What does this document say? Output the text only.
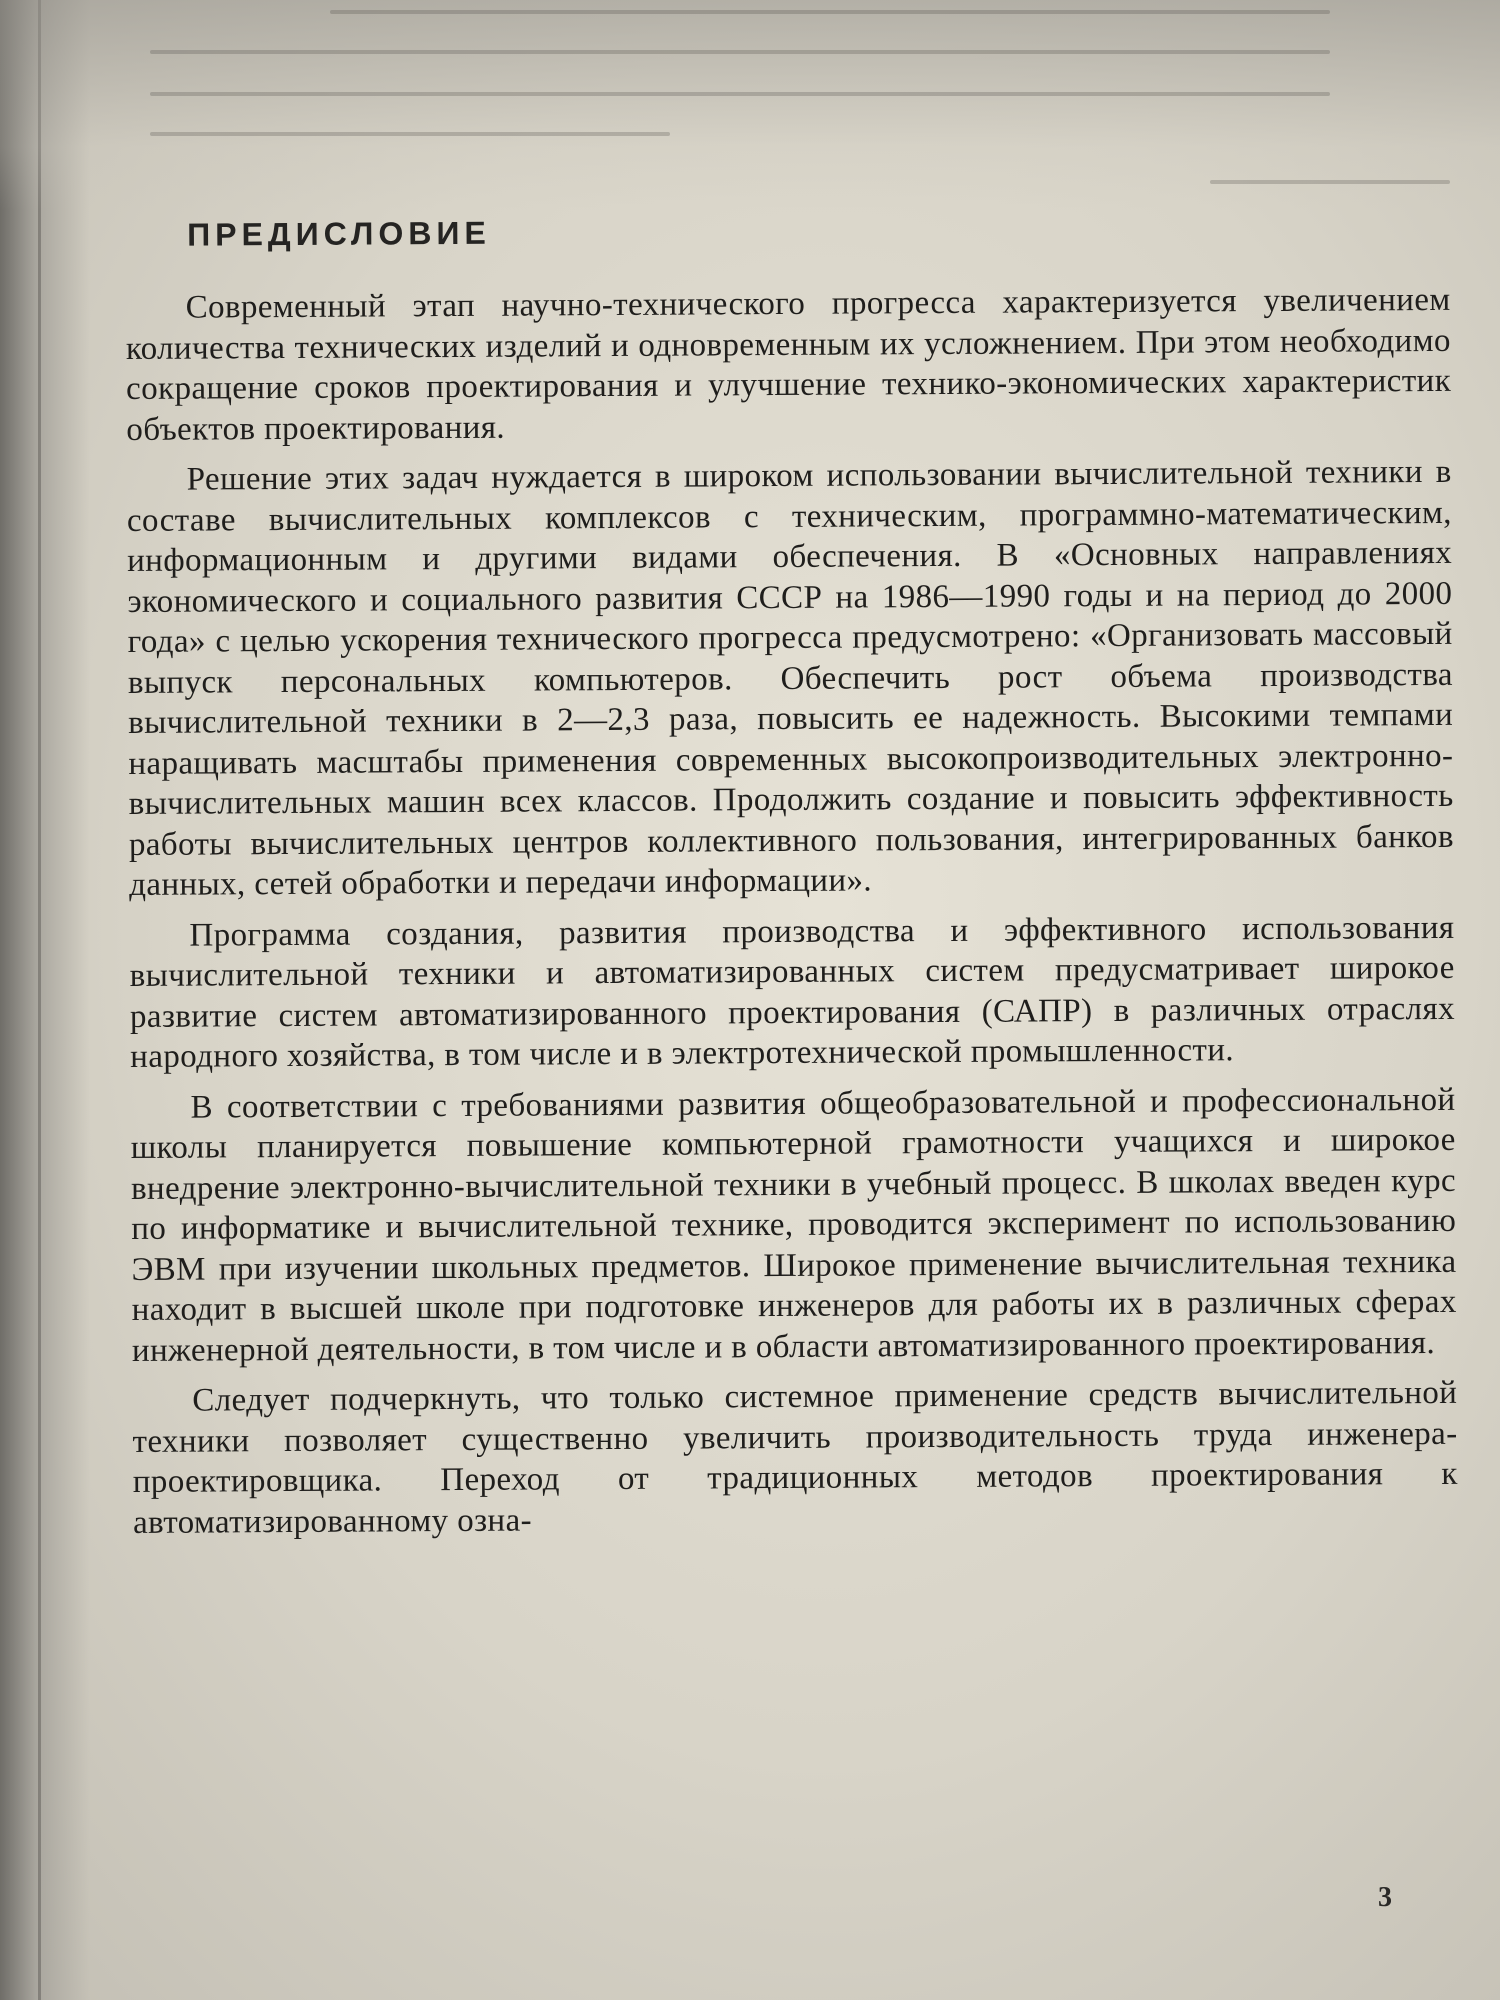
ПРЕДИСЛОВИЕ

Современный этап научно-технического прогресса характеризуется увеличением количества технических изделий и одновременным их усложнением. При этом необходимо сокращение сроков проектирования и улучшение технико-экономических характеристик объектов проектирования.

Решение этих задач нуждается в широком использовании вычислительной техники в составе вычислительных комплексов с техническим, программно-математическим, информационным и другими видами обеспечения. В «Основных направлениях экономического и социального развития СССР на 1986—1990 годы и на период до 2000 года» с целью ускорения технического прогресса предусмотрено: «Организовать массовый выпуск персональных компьютеров. Обеспечить рост объема производства вычислительной техники в 2—2,3 раза, повысить ее надежность. Высокими темпами наращивать масштабы применения современных высокопроизводительных электронно-вычислительных машин всех классов. Продолжить создание и повысить эффективность работы вычислительных центров коллективного пользования, интегрированных банков данных, сетей обработки и передачи информации».

Программа создания, развития производства и эффективного использования вычислительной техники и автоматизированных систем предусматривает широкое развитие систем автоматизированного проектирования (САПР) в различных отраслях народного хозяйства, в том числе и в электротехнической промышленности.

В соответствии с требованиями развития общеобразовательной и профессиональной школы планируется повышение компьютерной грамотности учащихся и широкое внедрение электронно-вычислительной техники в учебный процесс. В школах введен курс по информатике и вычислительной технике, проводится эксперимент по использованию ЭВМ при изучении школьных предметов. Широкое применение вычислительная техника находит в высшей школе при подготовке инженеров для работы их в различных сферах инженерной деятельности, в том числе и в области автоматизированного проектирования.

Следует подчеркнуть, что только системное применение средств вычислительной техники позволяет существенно увеличить производительность труда инженера-проектировщика. Переход от традиционных методов проектирования к автоматизированному озна-

3
